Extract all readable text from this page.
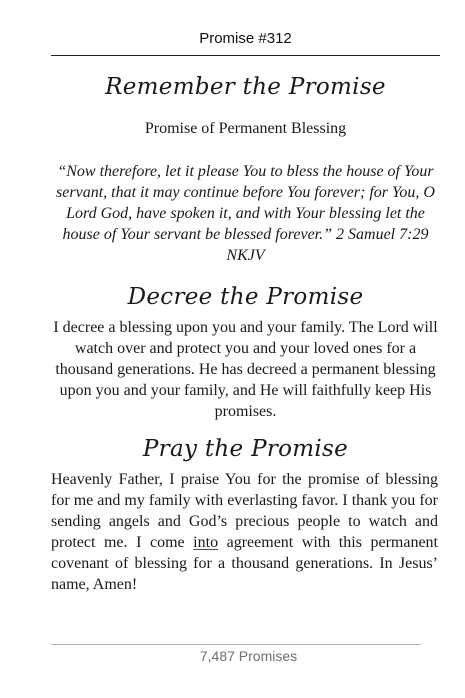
Promise #312
Remember the Promise
Promise of Permanent Blessing
“Now therefore, let it please You to bless the house of Your servant, that it may continue before You forever; for You, O Lord God, have spoken it, and with Your blessing let the house of Your servant be blessed forever.” 2 Samuel 7:29 NKJV
Decree the Promise
I decree a blessing upon you and your family. The Lord will watch over and protect you and your loved ones for a thousand generations. He has decreed a permanent blessing upon you and your family, and He will faithfully keep His promises.
Pray the Promise
Heavenly Father, I praise You for the promise of blessing for me and my family with everlasting favor. I thank you for sending angels and God’s precious people to watch and protect me. I come into agreement with this permanent covenant of blessing for a thousand generations. In Jesus’ name, Amen!
7,487 Promises
